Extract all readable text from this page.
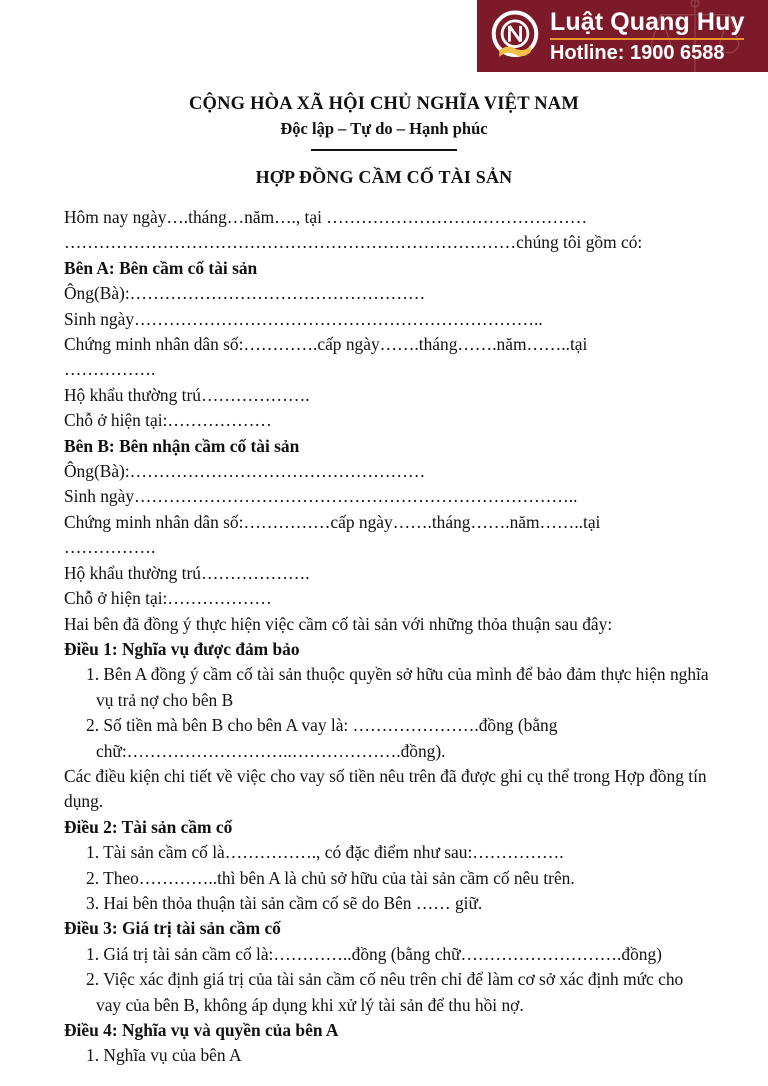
Luật Quang Huy
Hotline: 1900 6588
CỘNG HÒA XÃ HỘI CHỦ NGHĨA VIỆT NAM
Độc lập – Tự do – Hạnh phúc
HỢP ĐỒNG CẦM CỐ TÀI SẢN
Hôm nay ngày….tháng…năm…., tại ………………………………………
……………………………………………………………………chúng tôi gồm có:
Bên A: Bên cầm cố tài sản
Ông(Bà):……………………………………………
Sinh ngày……………………………………………………………..
Chứng minh nhân dân số:………….cấp ngày…….tháng…….năm……..tại
…………….
Hộ khẩu thường trú……………….
Chỗ ở hiện tại:………………
Bên B: Bên nhận cầm cố tài sản
Ông(Bà):……………………………………………
Sinh ngày…………………………………………………………………..
Chứng minh nhân dân số:……………cấp ngày…….tháng…….năm……..tại
…………….
Hộ khẩu thường trú……………….
Chỗ ở hiện tại:………………
Hai bên đã đồng ý thực hiện việc cầm cố tài sản với những thỏa thuận sau đây:
Điều 1: Nghĩa vụ được đảm bảo
1. Bên A đồng ý cầm cố tài sản thuộc quyền sở hữu của mình để bảo đảm thực hiện nghĩa vụ trả nợ cho bên B
2. Số tiền mà bên B cho bên A vay là: ………………….đồng (bằng chữ:………………………..……………….đồng).
Các điều kiện chi tiết về việc cho vay số tiền nêu trên đã được ghi cụ thể trong Hợp đồng tín dụng.
Điều 2: Tài sản cầm cố
1. Tài sản cầm cố là……………., có đặc điểm như sau:…………….
2. Theo…………..thì bên A là chủ sở hữu của tài sản cầm cố nêu trên.
3. Hai bên thỏa thuận tài sản cầm cố sẽ do Bên …… giữ.
Điều 3: Giá trị tài sản cầm cố
1. Giá trị tài sản cầm cố là:…………..đồng (bằng chữ……………………….đồng)
2. Việc xác định giá trị của tài sản cầm cố nêu trên chỉ để làm cơ sở xác định mức cho vay của bên B, không áp dụng khi xử lý tài sản để thu hồi nợ.
Điều 4: Nghĩa vụ và quyền của bên A
1. Nghĩa vụ của bên A
